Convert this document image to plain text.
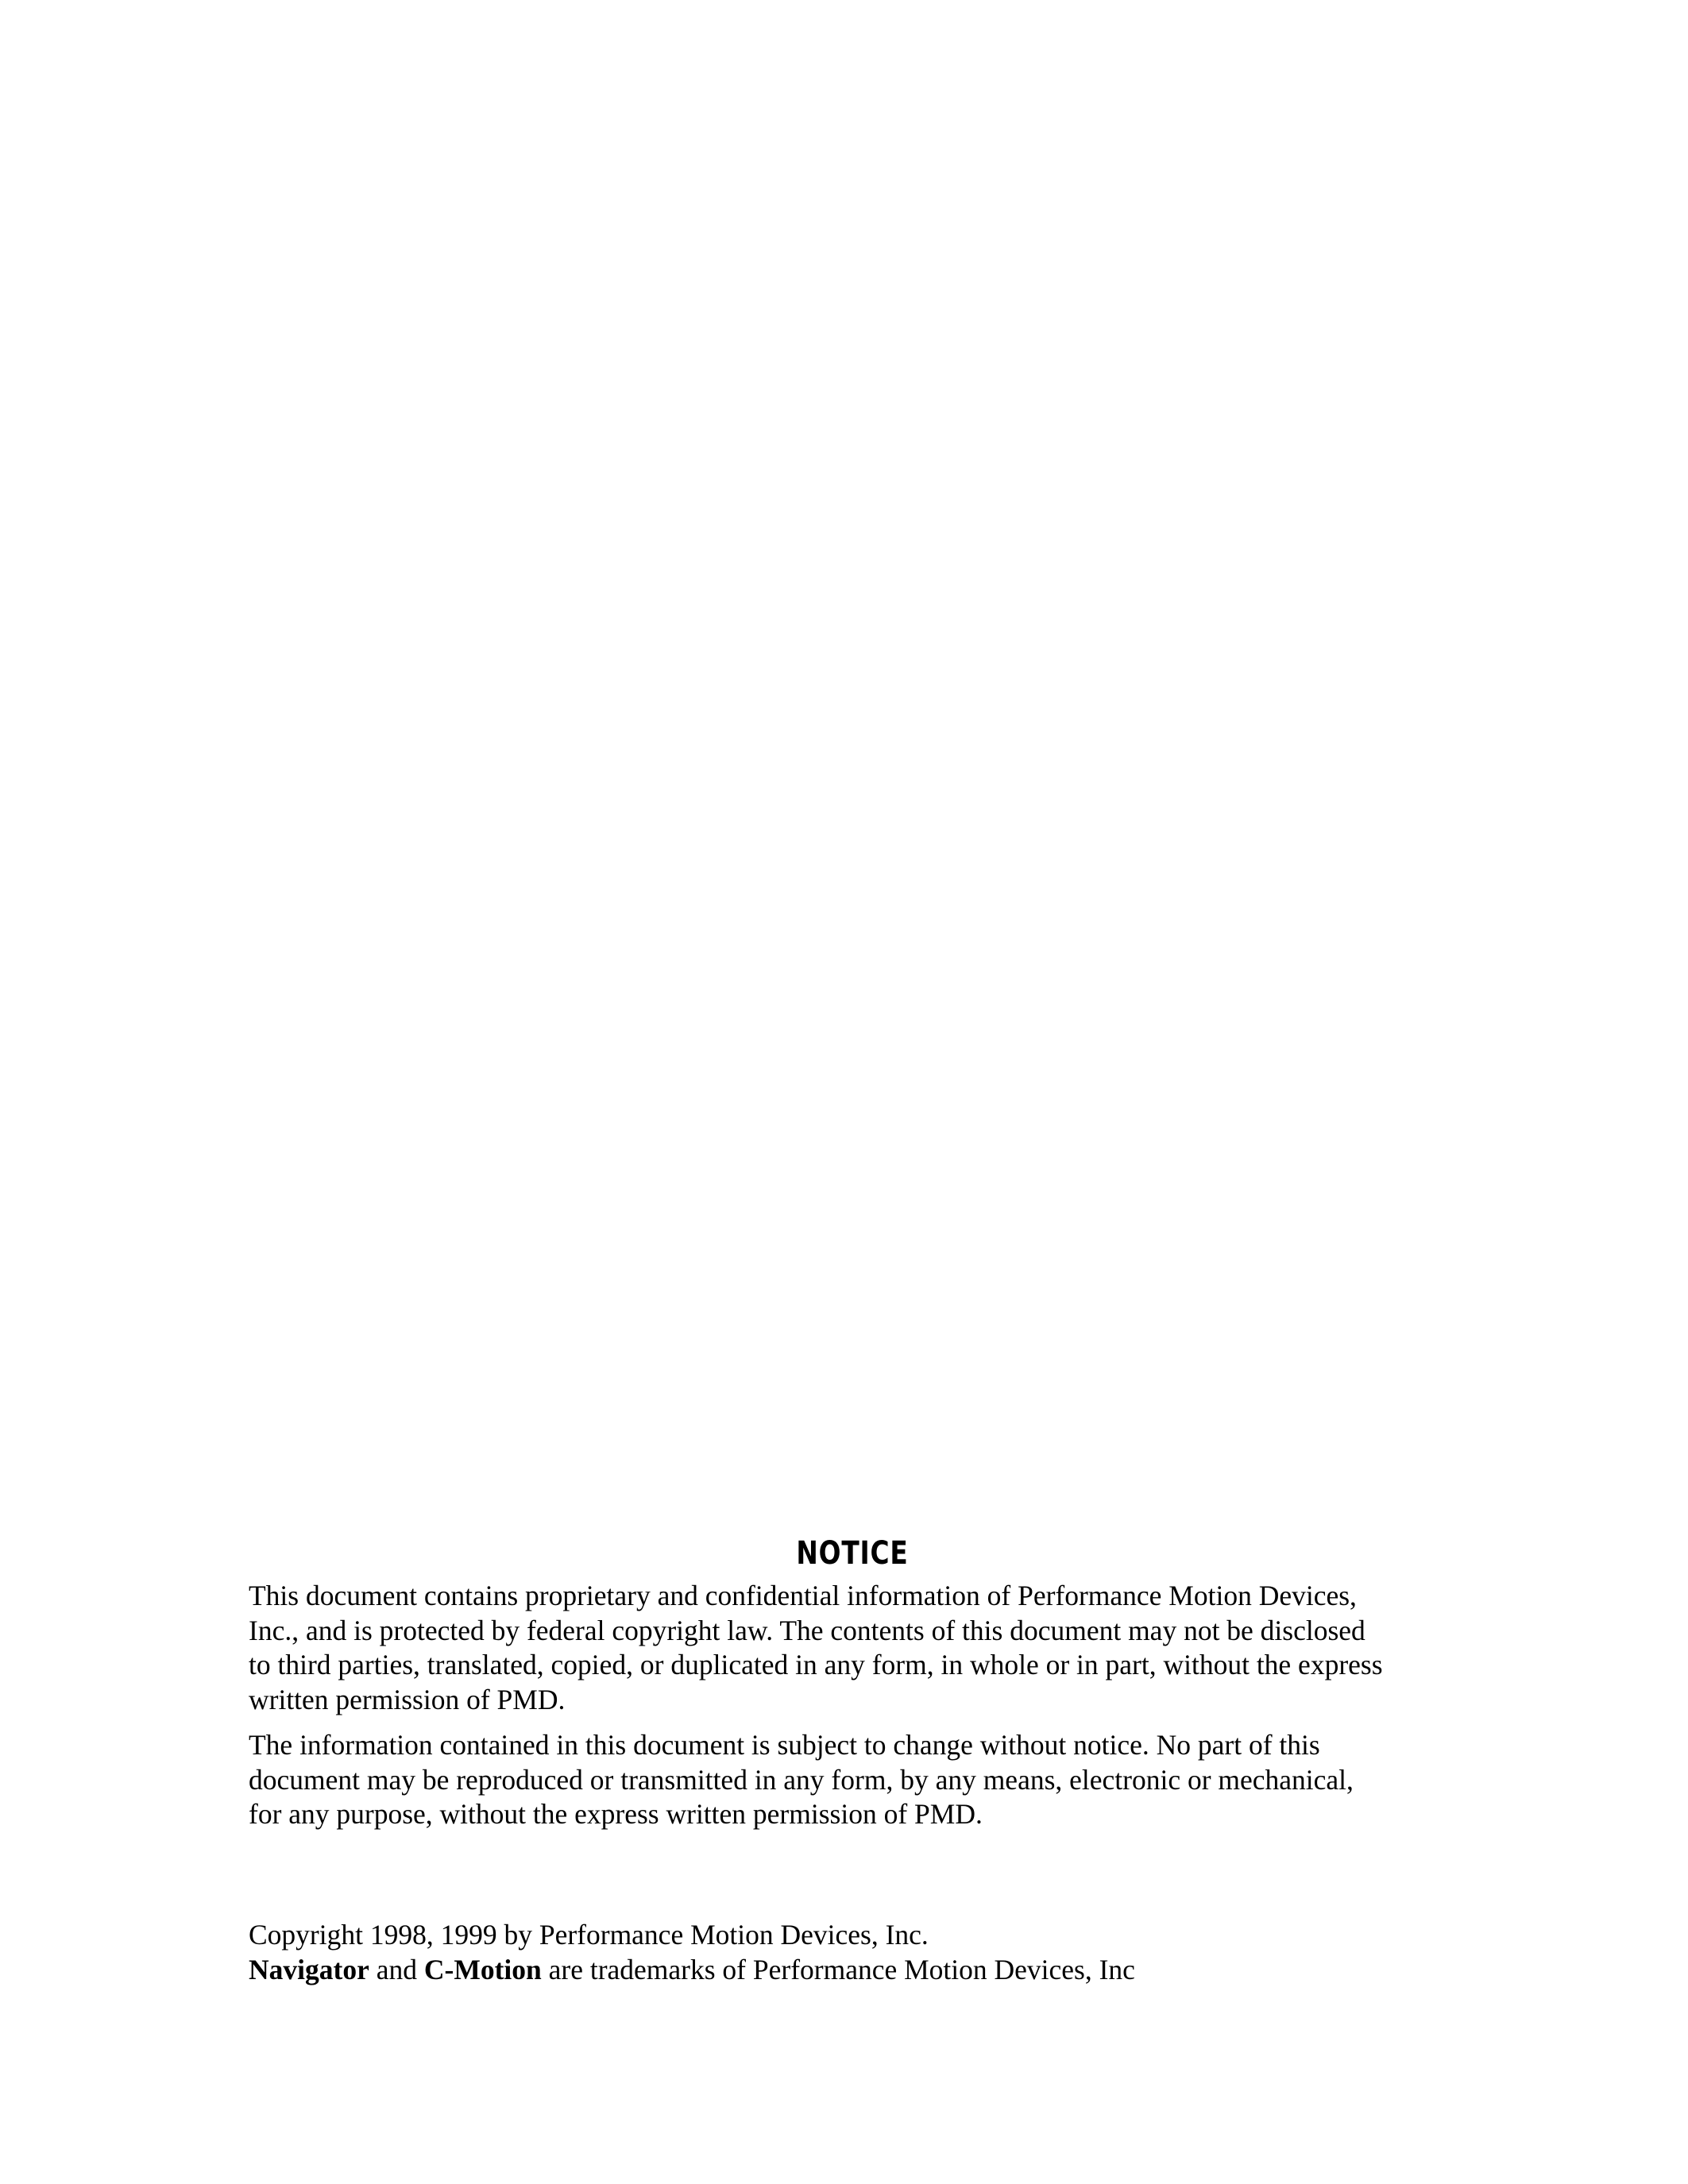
NOTICE

This document contains proprietary and confidential information of Performance Motion Devices,
Inc., and is protected by federal copyright law. The contents of this document may not be disclosed
to third parties, translated, copied, or duplicated in any form, in whole or in part, without the express
written permission of PMD.

The information contained in this document is subject to change without notice. No part of this
document may be reproduced or transmitted in any form, by any means, electronic or mechanical,
for any purpose, without the express written permission of PMD.

Copyright 1998, 1999 by Performance Motion Devices, Inc.
Navigator and C-Motion are trademarks of Performance Motion Devices, Inc
